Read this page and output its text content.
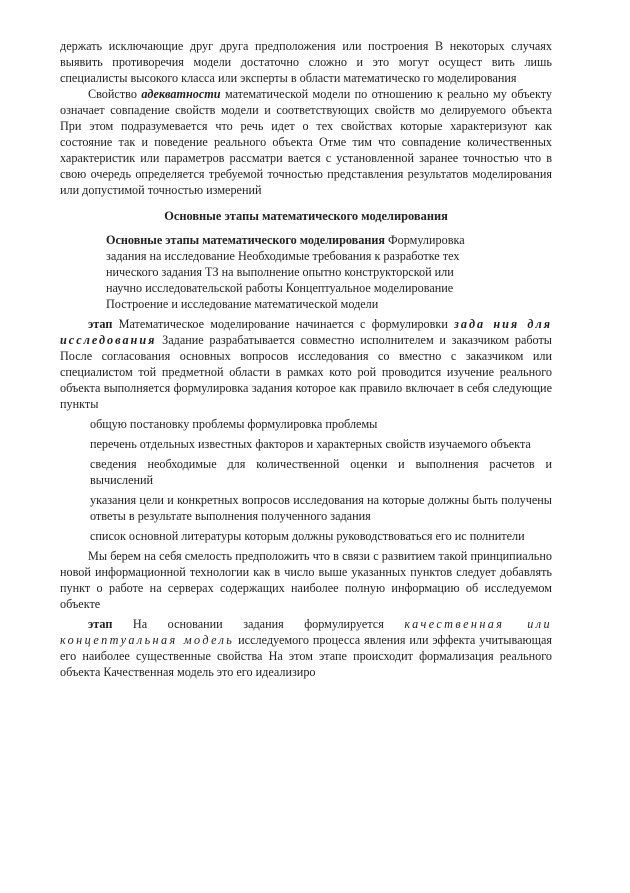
держать исключающие друг друга предположения или построения В некоторых случаях выявить противоречия модели достаточно сложно и это могут осущест вить лишь специалисты высокого класса или эксперты в области математическо го моделирования

Свойство адекватности математической модели по отношению к реально му объекту означает совпадение свойств модели и соответствующих свойств мо делируемого объекта При этом подразумевается что речь идет о тех свойствах которые характеризуют как состояние так и поведение реального объекта Отме тим что совпадение количественных характеристик или параметров рассматри вается с установленной заранее точностью что в свою очередь определяется требуемой точностью представления результатов моделирования или допустимой точностью измерений

Основные этапы математического моделирования

Основные этапы математического моделирования Формулировка

задания на исследование Необходимые требования к разработке тех

нического задания ТЗ на выполнение опытно конструкторской или

научно исследовательской работы Концептуальное моделирование

Построение и исследование математической модели

этап Математическое моделирование начинается с формулировки зада ния для исследования Задание разрабатывается совместно исполнителем и заказчиком работы После согласования основных вопросов исследования со вместно с заказчиком или специалистом той предметной области в рамках кото рой проводится изучение реального объекта выполняется формулировка задания которое как правило включает в себя следующие пункты

общую постановку проблемы формулировка проблемы

перечень отдельных известных факторов и характерных свойств изучаемого объекта

сведения необходимые для количественной оценки и выполнения расчетов и вычислений

указания цели и конкретных вопросов исследования на которые должны быть получены ответы в результате выполнения полученного задания

список основной литературы которым должны руководствоваться его ис полнители

Мы берем на себя смелость предположить что в связи с развитием такой принципиально новой информационной технологии как в число выше указанных пунктов следует добавлять пункт о работе на серверах содержащих наиболее полную информацию об исследуемом объекте

этап На основании задания формулируется качественная или концептуальная модель исследуемого процесса явления или эффекта учитывающая его наиболее существенные свойства На этом этапе происходит формализация реального объекта Качественная модель это его идеализиро
